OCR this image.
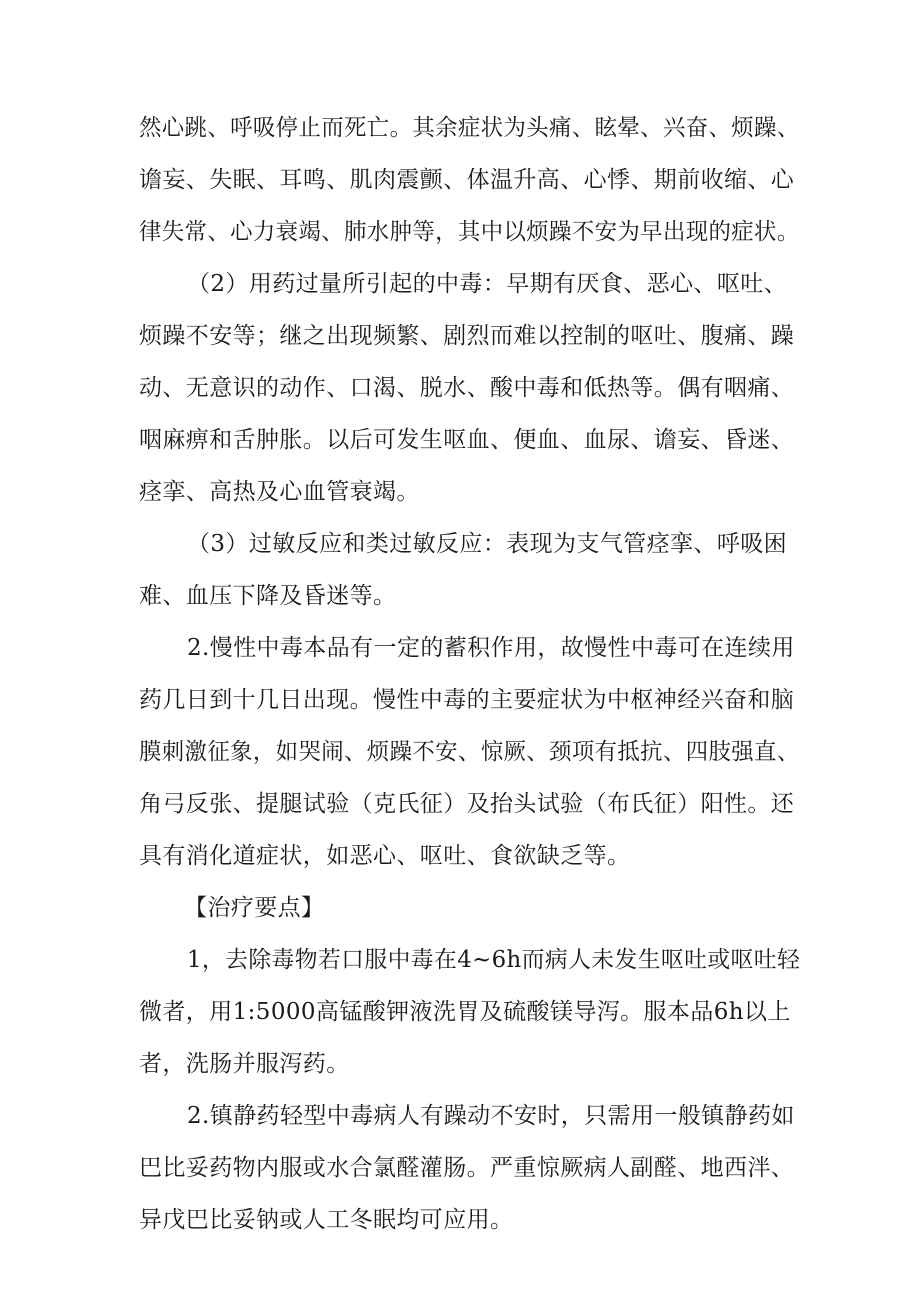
然心跳、呼吸停止而死亡。其余症状为头痛、眩晕、兴奋、烦躁、
谵妄、失眠、耳鸣、肌肉震颤、体温升高、心悸、期前收缩、心
律失常、心力衰竭、肺水肿等，其中以烦躁不安为早出现的症状。
（2）用药过量所引起的中毒：早期有厌食、恶心、呕吐、
烦躁不安等；继之出现频繁、剧烈而难以控制的呕吐、腹痛、躁
动、无意识的动作、口渴、脱水、酸中毒和低热等。偶有咽痛、
咽麻痹和舌肿胀。以后可发生呕血、便血、血尿、谵妄、昏迷、
痉挛、高热及心血管衰竭。
（3）过敏反应和类过敏反应：表现为支气管痉挛、呼吸困
难、血压下降及昏迷等。
2.慢性中毒本品有一定的蓄积作用，故慢性中毒可在连续用
药几日到十几日出现。慢性中毒的主要症状为中枢神经兴奋和脑
膜刺激征象，如哭闹、烦躁不安、惊厥、颈项有抵抗、四肢强直、
角弓反张、提腿试验（克氏征）及抬头试验（布氏征）阳性。还
具有消化道症状，如恶心、呕吐、食欲缺乏等。
【治疗要点】
1，去除毒物若口服中毒在4~6h而病人未发生呕吐或呕吐轻
微者，用1:5000高锰酸钾液洗胃及硫酸镁导泻。服本品6h以上
者，洗肠并服泻药。
2.镇静药轻型中毒病人有躁动不安时，只需用一般镇静药如
巴比妥药物内服或水合氯醛灌肠。严重惊厥病人副醛、地西泮、
异戊巴比妥钠或人工冬眠均可应用。
